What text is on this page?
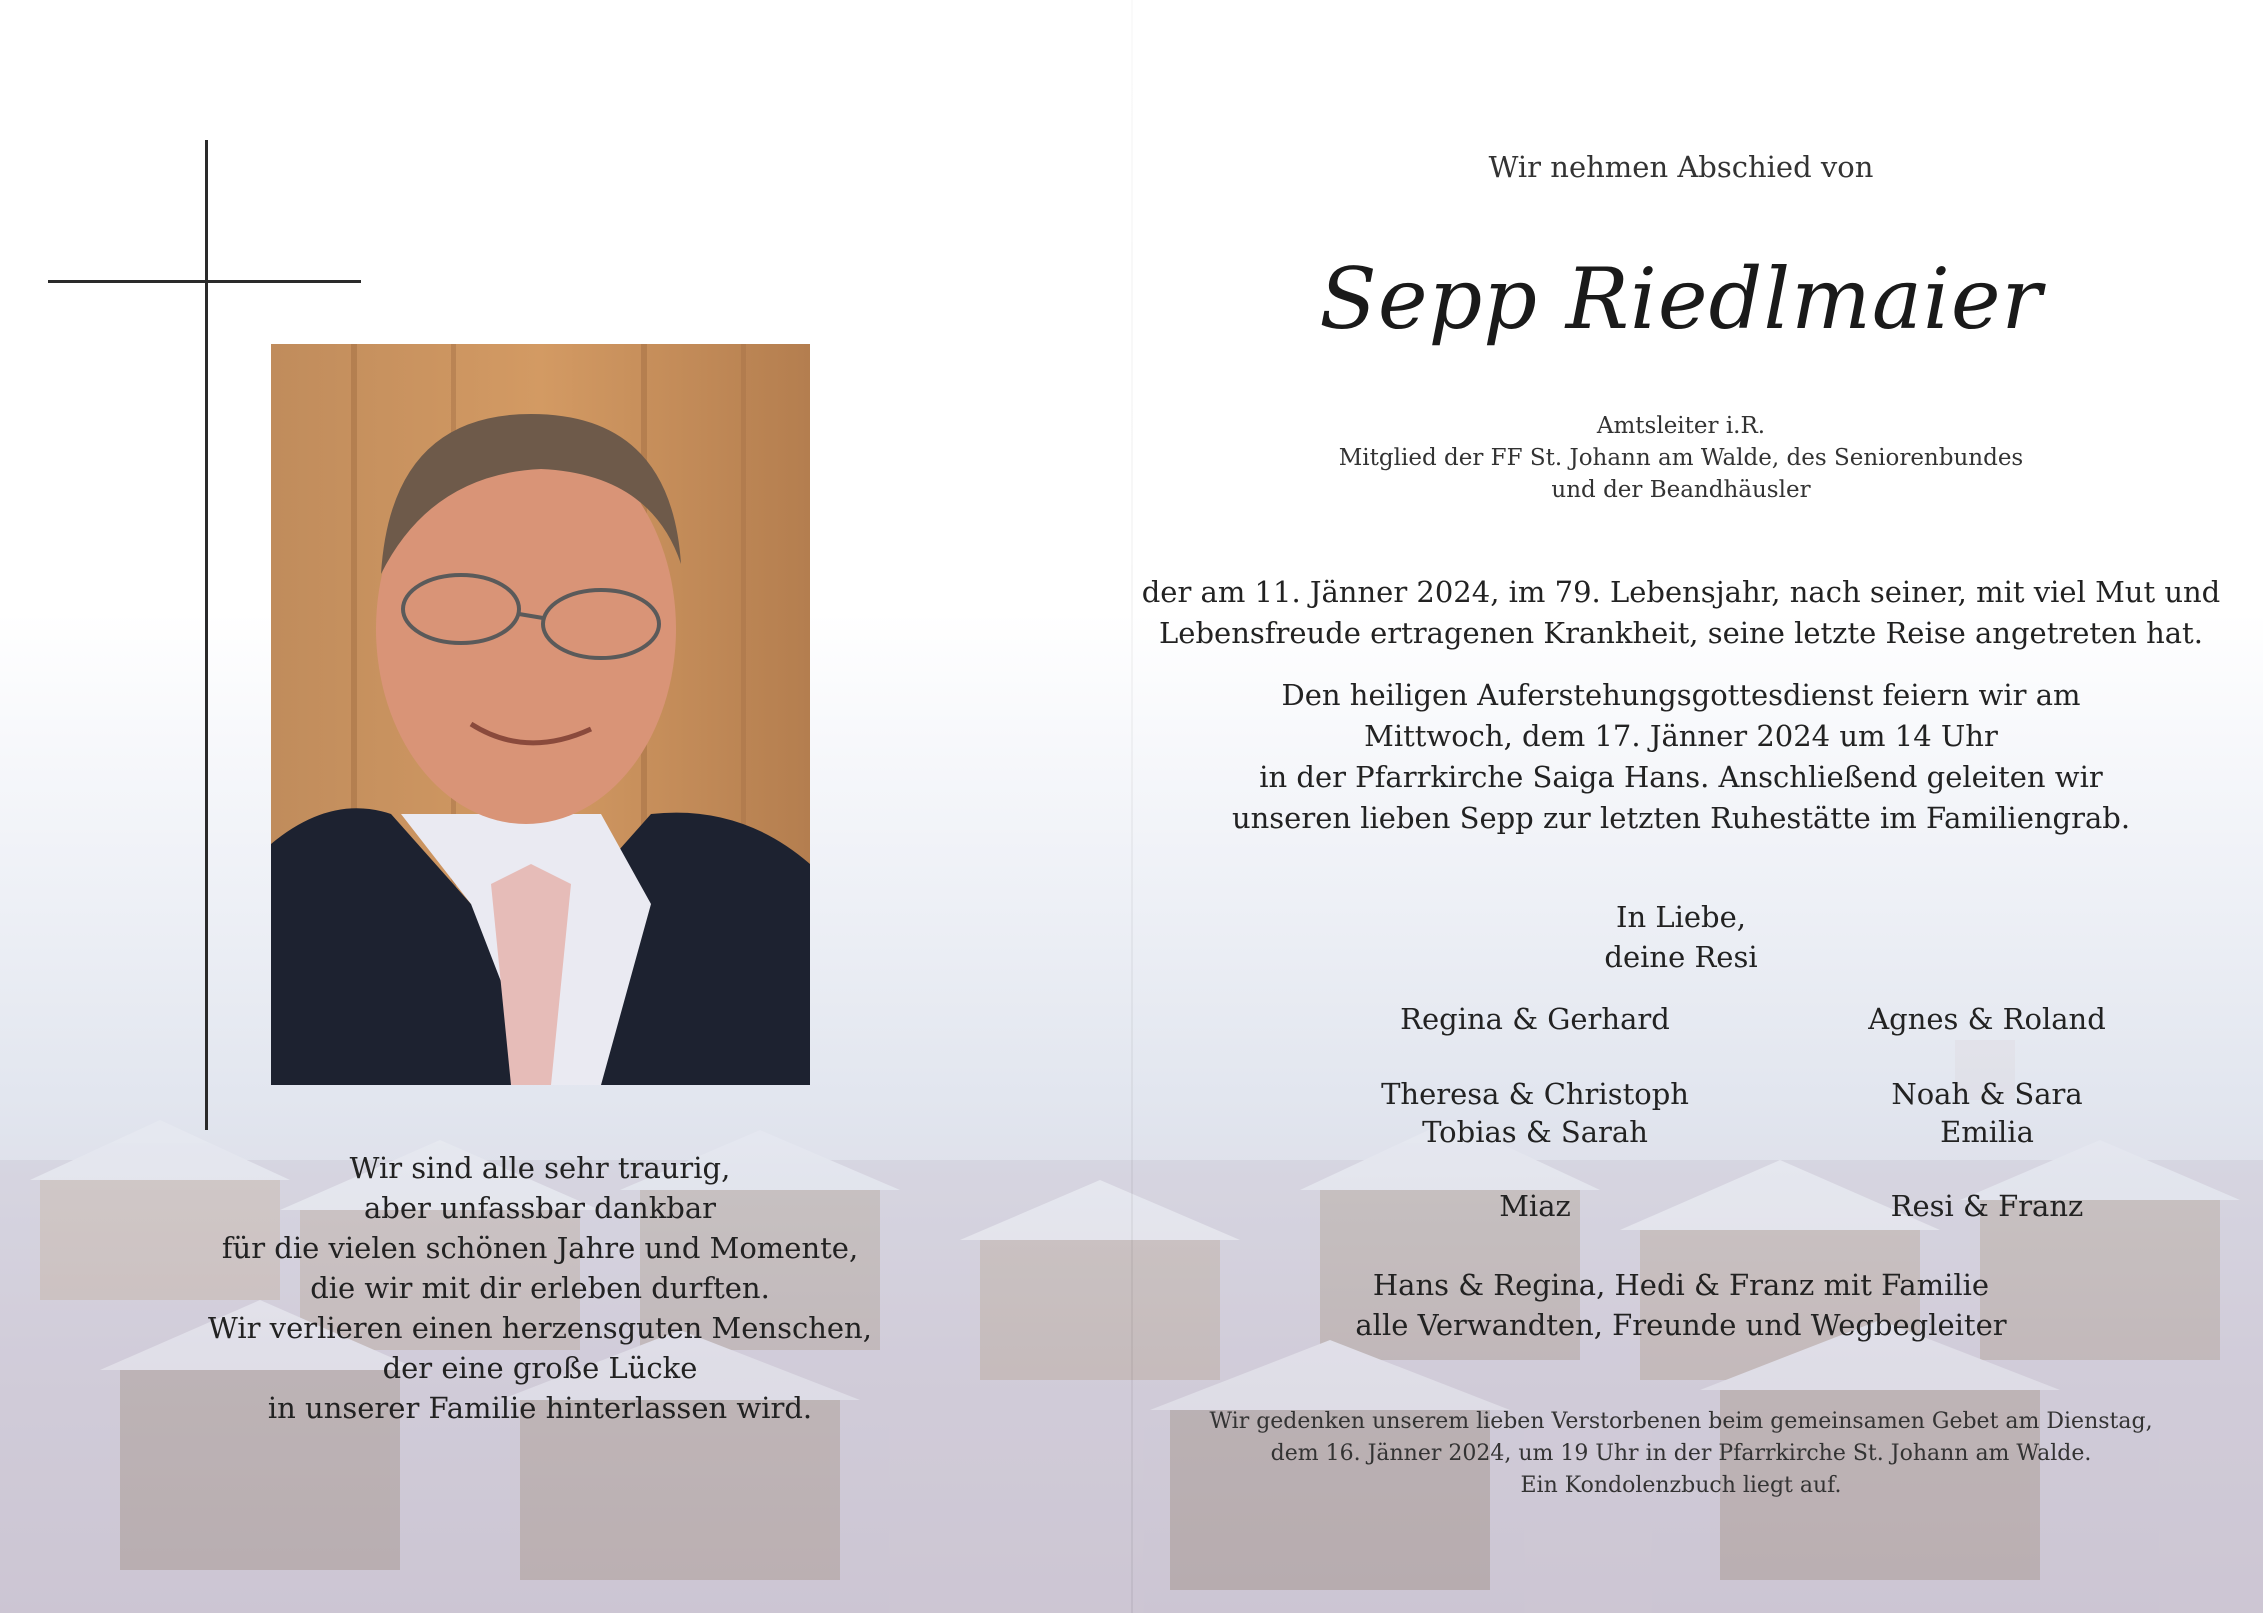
Wir sind alle sehr traurig,
aber unfassbar dankbar
für die vielen schönen Jahre und Momente,
die wir mit dir erleben durften.
Wir verlieren einen herzensguten Menschen,
der eine große Lücke
in unserer Familie hinterlassen wird.
Wir nehmen Abschied von
Sepp Riedlmaier
Amtsleiter i.R.
Mitglied der FF St. Johann am Walde, des Seniorenbundes
und der Beandhäusler
der am 11. Jänner 2024, im 79. Lebensjahr, nach seiner, mit viel Mut und
Lebensfreude ertragenen Krankheit, seine letzte Reise angetreten hat.
Den heiligen Auferstehungsgottesdienst feiern wir am
Mittwoch, dem 17. Jänner 2024 um 14 Uhr
in der Pfarrkirche Saiga Hans. Anschließend geleiten wir
unseren lieben Sepp zur letzten Ruhestätte im Familiengrab.
In Liebe,
deine Resi
Regina & Gerhard
Theresa & Christoph
Tobias & Sarah
Miaz
Agnes & Roland
Noah & Sara
Emilia
Resi & Franz
Hans & Regina, Hedi & Franz mit Familie
alle Verwandten, Freunde und Wegbegleiter
Wir gedenken unserem lieben Verstorbenen beim gemeinsamen Gebet am Dienstag,
dem 16. Jänner 2024, um 19 Uhr in der Pfarrkirche St. Johann am Walde.
Ein Kondolenzbuch liegt auf.
